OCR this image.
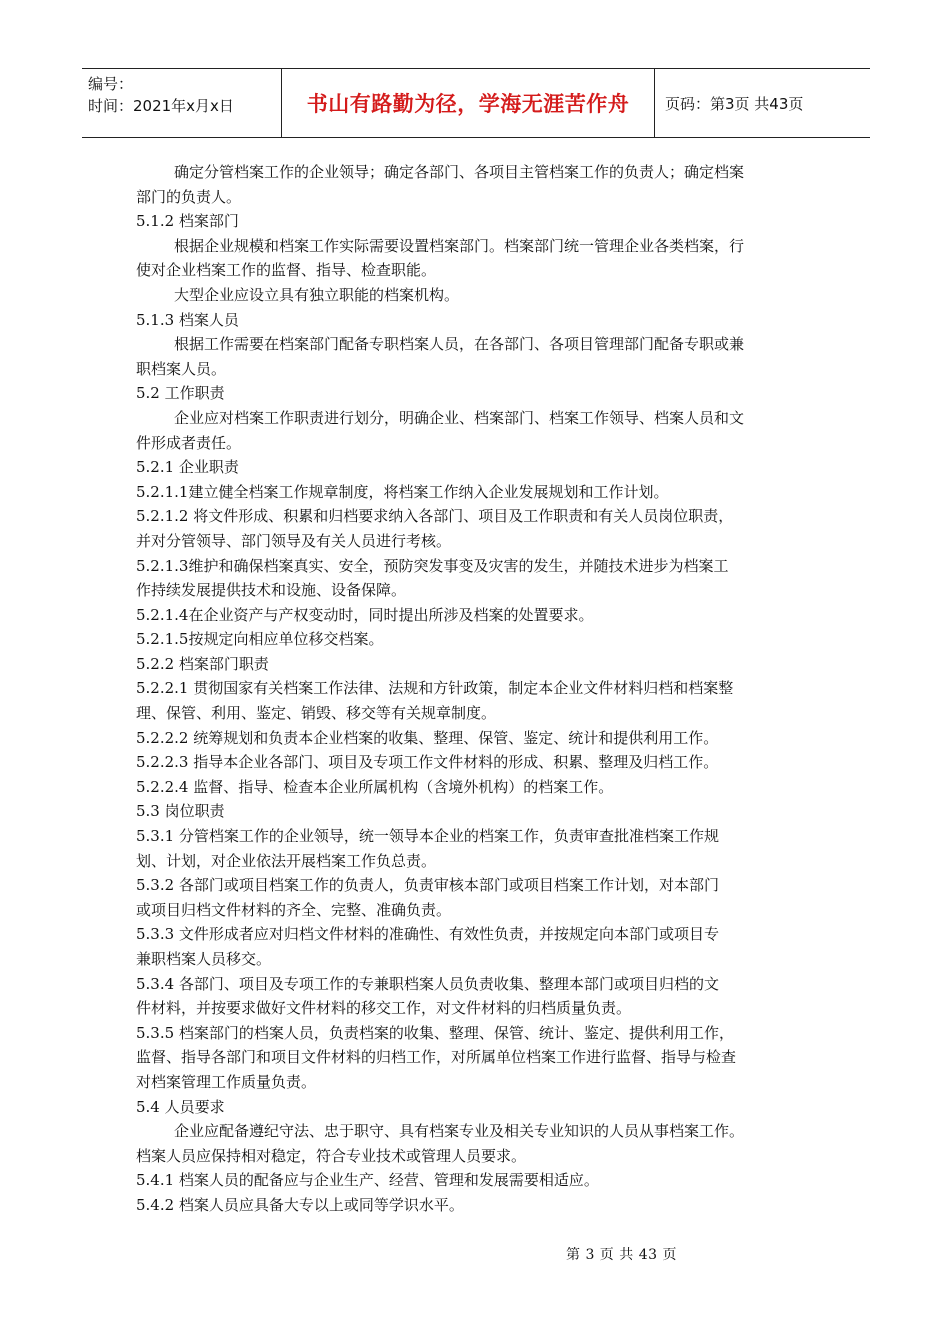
编号：
时间：2021年x月x日	书山有路勤为径，学海无涯苦作舟	页码：第3页 共43页
确定分管档案工作的企业领导；确定各部门、各项目主管档案工作的负责人；确定档案
部门的负责人。
5.1.2 档案部门
根据企业规模和档案工作实际需要设置档案部门。档案部门统一管理企业各类档案，行
使对企业档案工作的监督、指导、检查职能。
大型企业应设立具有独立职能的档案机构。
5.1.3 档案人员
根据工作需要在档案部门配备专职档案人员，在各部门、各项目管理部门配备专职或兼
职档案人员。
5.2 工作职责
企业应对档案工作职责进行划分，明确企业、档案部门、档案工作领导、档案人员和文
件形成者责任。
5.2.1 企业职责
5.2.1.1建立健全档案工作规章制度，将档案工作纳入企业发展规划和工作计划。
5.2.1.2 将文件形成、积累和归档要求纳入各部门、项目及工作职责和有关人员岗位职责，
并对分管领导、部门领导及有关人员进行考核。
5.2.1.3维护和确保档案真实、安全，预防突发事变及灾害的发生，并随技术进步为档案工
作持续发展提供技术和设施、设备保障。
5.2.1.4在企业资产与产权变动时，同时提出所涉及档案的处置要求。
5.2.1.5按规定向相应单位移交档案。
5.2.2 档案部门职责
5.2.2.1 贯彻国家有关档案工作法律、法规和方针政策，制定本企业文件材料归档和档案整
理、保管、利用、鉴定、销毁、移交等有关规章制度。
5.2.2.2 统筹规划和负责本企业档案的收集、整理、保管、鉴定、统计和提供利用工作。
5.2.2.3 指导本企业各部门、项目及专项工作文件材料的形成、积累、整理及归档工作。
5.2.2.4 监督、指导、检查本企业所属机构（含境外机构）的档案工作。
5.3 岗位职责
5.3.1 分管档案工作的企业领导，统一领导本企业的档案工作，负责审查批准档案工作规
划、计划，对企业依法开展档案工作负总责。
5.3.2 各部门或项目档案工作的负责人，负责审核本部门或项目档案工作计划，对本部门
或项目归档文件材料的齐全、完整、准确负责。
5.3.3 文件形成者应对归档文件材料的准确性、有效性负责，并按规定向本部门或项目专
兼职档案人员移交。
5.3.4 各部门、项目及专项工作的专兼职档案人员负责收集、整理本部门或项目归档的文
件材料，并按要求做好文件材料的移交工作，对文件材料的归档质量负责。
5.3.5 档案部门的档案人员，负责档案的收集、整理、保管、统计、鉴定、提供利用工作，
监督、指导各部门和项目文件材料的归档工作，对所属单位档案工作进行监督、指导与检查
对档案管理工作质量负责。
5.4 人员要求
企业应配备遵纪守法、忠于职守、具有档案专业及相关专业知识的人员从事档案工作。
档案人员应保持相对稳定，符合专业技术或管理人员要求。
5.4.1 档案人员的配备应与企业生产、经营、管理和发展需要相适应。
5.4.2 档案人员应具备大专以上或同等学识水平。
第 3 页 共 43 页
